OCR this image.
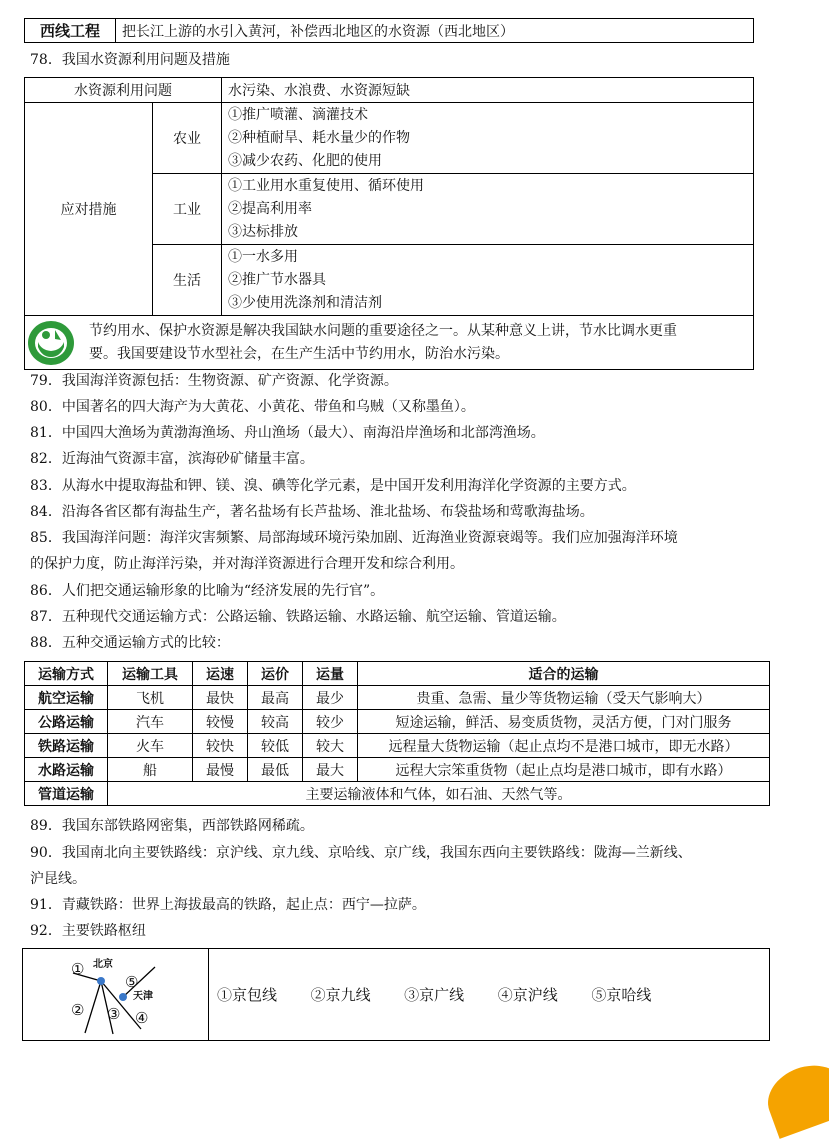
西线工程	把长江上游的水引入黄河，补偿西北地区的水资源（西北地区）
78．我国水资源利用问题及措施
水资源利用问题		水污染、水浪费、水资源短缺
应对措施	农业	①推广喷灌、滴灌技术
②种植耐旱、耗水量少的作物
③减少农药、化肥的使用

	工业	①工业用水重复使用、循环使用
②提高利用率
③达标排放

	生活	①一水多用
②推广节水器具
③少使用洗涤剂和清洁剂

节约用水、保护水资源是解决我国缺水问题的重要途径之一。从某种意义上讲，节水比调水更重
要。我国要建设节水型社会，在生产生活中节约用水，防治水污染。		
79．我国海洋资源包括：生物资源、矿产资源、化学资源。
80．中国著名的四大海产为大黄花、小黄花、带鱼和乌贼（又称墨鱼）。
81．中国四大渔场为黄渤海渔场、舟山渔场（最大）、南海沿岸渔场和北部湾渔场。
82．近海油气资源丰富，滨海砂矿储量丰富。
83．从海水中提取海盐和钾、镁、溴、碘等化学元素，是中国开发利用海洋化学资源的主要方式。
84．沿海各省区都有海盐生产，著名盐场有长芦盐场、淮北盐场、布袋盐场和莺歌海盐场。
85．我国海洋问题：海洋灾害频繁、局部海域环境污染加剧、近海渔业资源衰竭等。我们应加强海洋环境
的保护力度，防止海洋污染，并对海洋资源进行合理开发和综合利用。
86．人们把交通运输形象的比喻为“经济发展的先行官”。
87．五种现代交通运输方式：公路运输、铁路运输、水路运输、航空运输、管道运输。
88．五种交通运输方式的比较：
运输方式	运输工具	运速	运价	运量	适合的运输
航空运输	飞机	最快	最高	最少	贵重、急需、量少等货物运输（受天气影响大）
公路运输	汽车	较慢	较高	较少	短途运输，鲜活、易变质货物，灵活方便，门对门服务
铁路运输	火车	较快	较低	较大	远程量大货物运输（起止点均不是港口城市，即无水路）
水路运输	船	最慢	最低	最大	远程大宗笨重货物（起止点均是港口城市，即有水路）
管道运输	主要运输液体和气体，如石油、天然气等。				
89．我国东部铁路网密集，西部铁路网稀疏。
90．我国南北向主要铁路线：京沪线、京九线、京哈线、京广线，我国东西向主要铁路线：陇海—兰新线、
沪昆线。
91．青藏铁路：世界上海拔最高的铁路，起止点：西宁—拉萨。
92．主要铁路枢纽
北京
天津
①
② ③ ④
⑤
	①京包线 ②京九线 ③京广线 ④京沪线 ⑤京哈线
